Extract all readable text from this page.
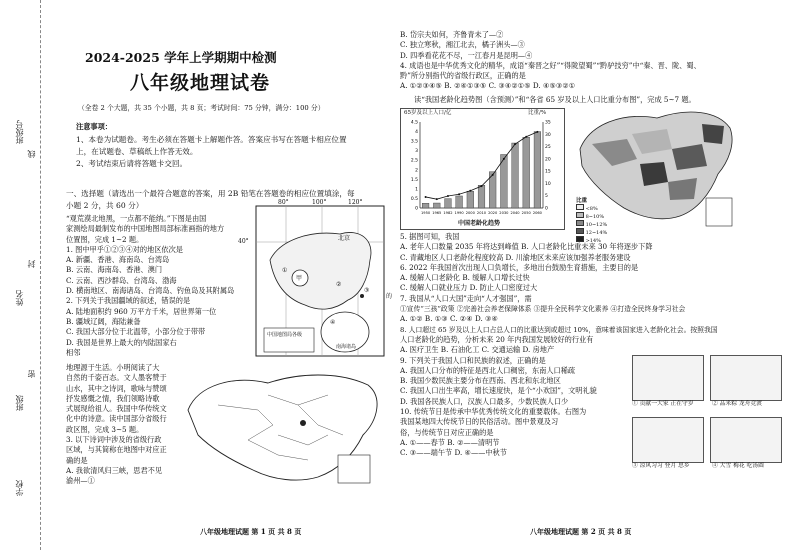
班级号
线
封
姓名
密
班级
学校
2024-2025 学年上学期期中检测
八年级地理试卷
（全卷 2 个大题，共 35 个小题，共 8 页；考试时间：75 分钟，满分：100 分）
注意事项：
1、本卷为试题卷。考生必须在答题卡上解题作答。答案应书写在答题卡相应位置
上，在试题卷、草稿纸上作答无效。
2、考试结束后请将答题卡交回。
一、选择题（请选出一个最符合题意的答案，用 2B 铅笔在答题卷的相应位置填涂，每
小题 2 分，共 60 分）
“观荒漠北地黑，一点都不能纳。”下图是由国
家测绘局最制发布的中国地图局部标准画指的地方
位置图，完成 1~2 题。
1. 图中甲乎①②③④对的地区依次是
A. 新疆、香港、海南岛、台湾岛
B. 云南、海南岛、香港、澳门
C. 云南、西沙群岛、台湾岛、渤海
D. 横南地区、南海诸岛、台湾岛、钓鱼岛及其附属岛
2. 下列关于我国疆域的叙述，错误的是
A. 陆地面积约 960 万平方千米，居世界第一位
B. 疆域辽阔，海陆兼备
C. 我国大部分位于北温带，小部分位于带带
D. 我国是世界上最大的内陆国家右
相邻
80°	100°	120°
40°	北京
①
②
③
④
甲
中国地图局各级
南海诸岛
的
地理源于生活。小明阅读了大
自然的千姿百态。文人墨客赞于
山水，其中之诗词，歌咏与赞颂
抒发感慨之情，我们领略诗歌
式展现给祖人。我国中华传统文
化中的诗意。读中国部分省级行
政区图，完成 3~5 题。
3. 以下诗词中涉及的省级行政
区域，与其简称在地图中对应正
确的是
A. 我欲清风归三峡，思君不见
渝州—①
八年级地理试题 第 1 页 共 8 页
B. 岱宗夫如何，齐鲁青未了—②
C. 独立寒秋，湘江北去，橘子洲头—③
D. 四季看花花不尽，一江春月是昆明—④
4. 成语也是中华优秀文化的精华，成语“秦晋之好”“得陇望蜀”“黔驴技穷”中“秦、晋、陇、蜀、
黔”所分别指代的省级行政区，正确的是
A. ①②③④⑤ B. ②④①③⑤ C. ③④②①⑤ D. ④⑤③②①
读“我国老龄化趋势图（含预测）”和“各省 65 岁及以上人口比重分布图”，完成 5~7 题。
0
0.5
1
1.5
2
2.5
3
3.5
4
4.5
0
5
10
15
20
25
30
35
1950 1965 1982 1990 2000 2010 2020 2030 2040 2050 2060
65岁及以上人口/亿	比重/%
中国老龄化趋势
比重
<8%
8~10%
10~12%
12~14%
>14%
5. 据图可知，我国
A. 老年人口数量 2035 年将达到峰值 B. 人口老龄化比重未来 30 年将逐步下降
C. 青藏地区人口老龄化程度较高 D. 川渝地区未来应该加强养老服务建设
6. 2022 年我国首次出现人口负增长，多地出台鼓励生育措施，主要目的是
A. 缓解人口老龄化 B. 缓解人口增长过快
C. 缓解人口就业压力 D. 防止人口密度过大
7. 我国从“人口大国”走向“人才强国”，需
①宣传“三孩”政策 ②完善社会养老保障体系 ③提升全民科学文化素养 ④打造全民终身学习社会
A. ①② B. ①③ C. ②④ D. ③④
8. 人口超过 65 岁及以上人口占总人口的比重达到或超过 10%，意味着该国家进入老龄化社会。按照我国
人口老龄化的趋势，分析未来 20 年内我国发展较好的行业有
A. 医疗卫生 B. 石油化工 C. 交通运输 D. 房地产
9. 下列关于我国人口和民族的叙述，正确的是
A. 我国人口分布的特征是西北人口稠密，东南人口稀疏
B. 我国少数民族主要分布在西南、西北和东北地区
C. 我国人口出生率高，增长速度快，是个“小欢国”，文明礼貌
D. 我国各民族人口，汉族人口最多，少数民族人口少
10. 传统节日是传承中华优秀传统文化的重要载体。右图为
我国某地四大传统节日的民俗活动。图中景观及习
俗，与传统节日对应正确的是
A. ①——春节 B. ②——清明节
C. ③——端午节 D. ④——中秋节
① 贡献一大家 正在守岁	② 品米粽 龙舟竞渡
③ 凉风习习 登月 思乡	④ 大雪 梅花 吃汤圆
八年级地理试题 第 2 页 共 8 页
